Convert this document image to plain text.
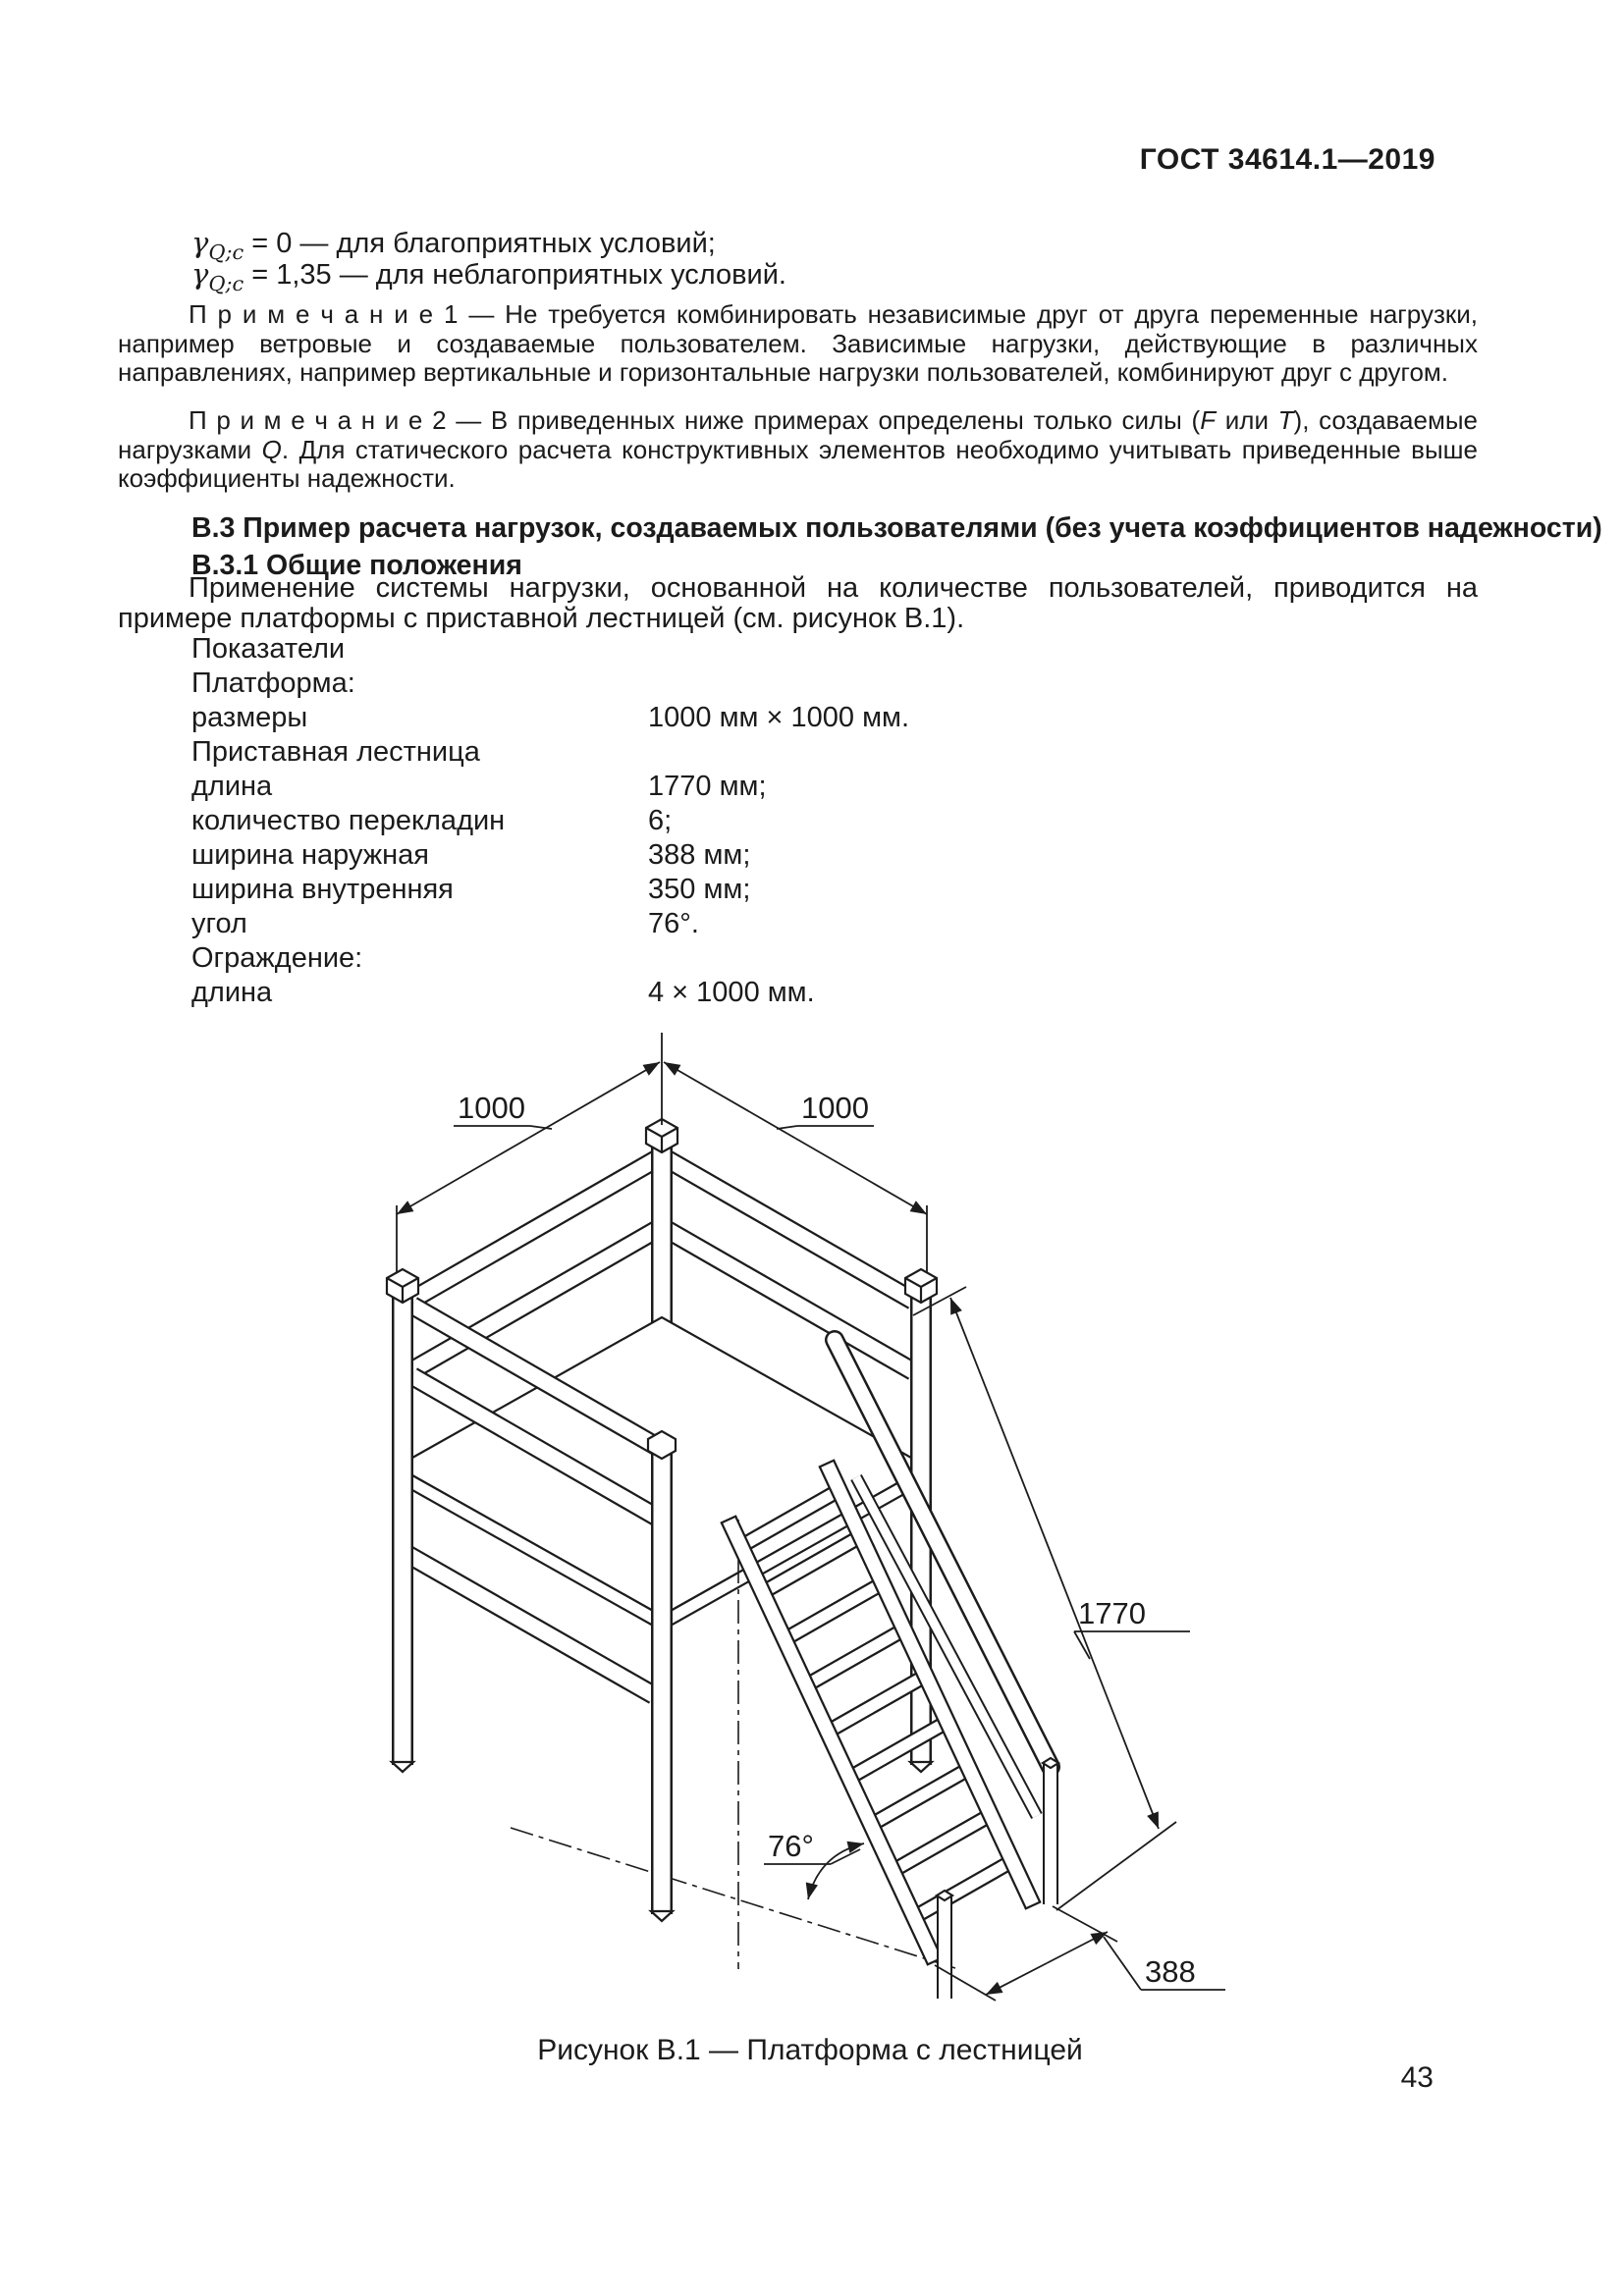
ГОСТ 34614.1—2019
$\gamma_{Q;c} = 0$ — для благоприятных условий;
$\gamma_{Q;c} = 1,35$ — для неблагоприятных условий.
П р и м е ч а н и е 1 — Не требуется комбинировать независимые друг от друга переменные нагрузки, например ветровые и создаваемые пользователем. Зависимые нагрузки, действующие в различных направлениях, например вертикальные и горизонтальные нагрузки пользователей, комбинируют друг с другом.
П р и м е ч а н и е 2 — В приведенных ниже примерах определены только силы (F или T), создаваемые нагрузками Q. Для статического расчета конструктивных элементов необходимо учитывать приведенные выше коэффициенты надежности.
В.3 Пример расчета нагрузок, создаваемых пользователями (без учета коэффициентов надежности)
В.3.1 Общие положения
Применение системы нагрузки, основанной на количестве пользователей, приводится на примере платформы с приставной лестницей (см. рисунок В.1).
Показатели
Платформа:
размеры	1000 мм × 1000 мм.
Приставная лестница
длина	1770 мм;
количество перекладин	6;
ширина наружная	388 мм;
ширина внутренняя	350 мм;
угол	76°.
Ограждение:
длина	4 × 1000 мм.
1000	1000
1770
388
76°
Рисунок В.1 — Платформа с лестницей
43
